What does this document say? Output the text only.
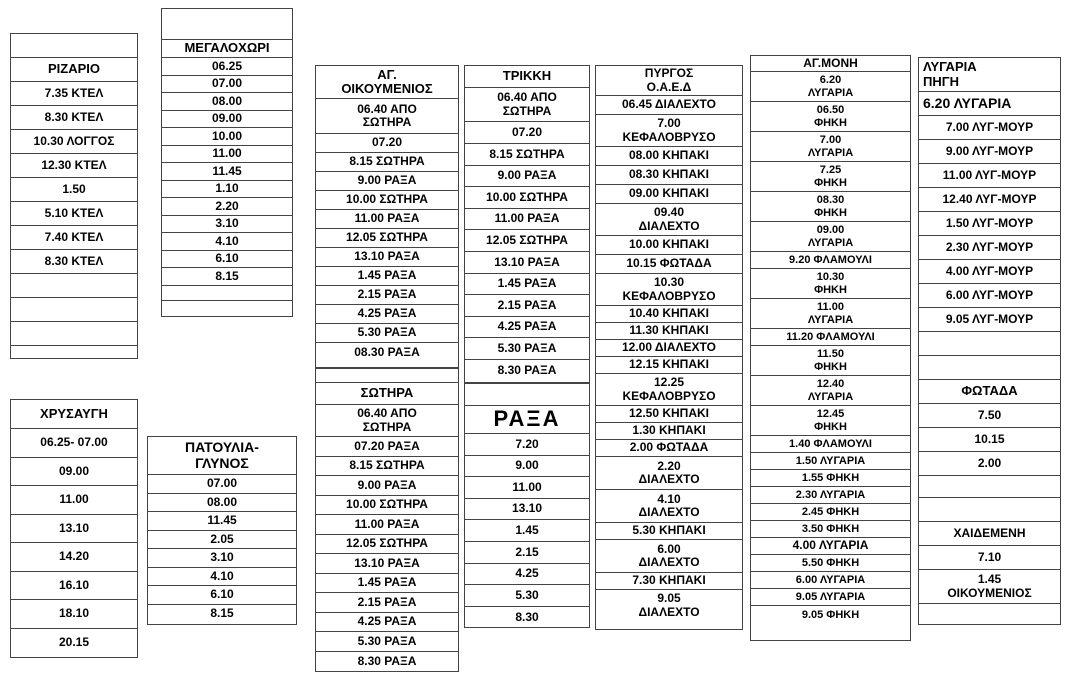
ΡΙΖΑΡΙΟ
7.35 ΚΤΕΛ
8.30 ΚΤΕΛ
10.30 ΛΟΓΓΟΣ
12.30 ΚΤΕΛ
1.50
5.10 ΚΤΕΛ
7.40 ΚΤΕΛ
8.30 ΚΤΕΛ
ΜΕΓΑΛΟΧΩΡΙ
06.25
07.00
08.00
09.00
10.00
11.00
11.45
1.10
2.20
3.10
4.10
6.10
8.15
ΑΓ.
ΟΙΚΟΥΜΕΝΙΟΣ
06.40 ΑΠΟ
ΣΩΤΗΡΑ
07.20
8.15 ΣΩΤΗΡΑ
9.00 ΡΑΞΑ
10.00 ΣΩΤΗΡΑ
11.00 ΡΑΞΑ
12.05 ΣΩΤΗΡΑ
13.10 ΡΑΞΑ
1.45 ΡΑΞΑ
2.15 ΡΑΞΑ
4.25 ΡΑΞΑ
5.30 ΡΑΞΑ
08.30 ΡΑΞΑ
ΣΩΤΗΡΑ
06.40 ΑΠΟ
ΣΩΤΗΡΑ
07.20 ΡΑΞΑ
8.15 ΣΩΤΗΡΑ
9.00 ΡΑΞΑ
10.00 ΣΩΤΗΡΑ
11.00 ΡΑΞΑ
12.05 ΣΩΤΗΡΑ
13.10 ΡΑΞΑ
1.45 ΡΑΞΑ
2.15 ΡΑΞΑ
4.25 ΡΑΞΑ
5.30 ΡΑΞΑ
8.30 ΡΑΞΑ
ΤΡΙΚΚΗ
06.40 ΑΠΟ
ΣΩΤΗΡΑ
07.20
8.15 ΣΩΤΗΡΑ
9.00 ΡΑΞΑ
10.00 ΣΩΤΗΡΑ
11.00 ΡΑΞΑ
12.05 ΣΩΤΗΡΑ
13.10 ΡΑΞΑ
1.45 ΡΑΞΑ
2.15 ΡΑΞΑ
4.25 ΡΑΞΑ
5.30 ΡΑΞΑ
8.30 ΡΑΞΑ
ΡΑΞΑ
7.20
9.00
11.00
13.10
1.45
2.15
4.25
5.30
8.30
ΠΥΡΓΟΣ
Ο.Α.Ε.Δ
06.45 ΔΙΑΛΕΧΤΟ
7.00
ΚΕΦΑΛΟΒΡΥΣΟ
08.00 ΚΗΠΑΚΙ
08.30 ΚΗΠΑΚΙ
09.00 ΚΗΠΑΚΙ
09.40
ΔΙΑΛΕΧΤΟ
10.00 ΚΗΠΑΚΙ
10.15 ΦΩΤΑΔΑ
10.30
ΚΕΦΑΛΟΒΡΥΣΟ
10.40 ΚΗΠΑΚΙ
11.30 ΚΗΠΑΚΙ
12.00 ΔΙΑΛΕΧΤΟ
12.15 ΚΗΠΑΚΙ
12.25
ΚΕΦΑΛΟΒΡΥΣΟ
12.50 ΚΗΠΑΚΙ
1.30 ΚΗΠΑΚΙ
2.00 ΦΩΤΑΔΑ
2.20
ΔΙΑΛΕΧΤΟ
4.10
ΔΙΑΛΕΧΤΟ
5.30 ΚΗΠΑΚΙ
6.00
ΔΙΑΛΕΧΤΟ
7.30 ΚΗΠΑΚΙ
9.05
ΔΙΑΛΕΧΤΟ
ΑΓ.ΜΟΝΗ
6.20
ΛΥΓΑΡΙΑ
06.50
ΦΗΚΗ
7.00
ΛΥΓΑΡΙΑ
7.25
ΦΗΚΗ
08.30
ΦΗΚΗ
09.00
ΛΥΓΑΡΙΑ
9.20 ΦΛΑΜΟΥΛΙ
10.30
ΦΗΚΗ
11.00
ΛΥΓΑΡΙΑ
11.20 ΦΛΑΜΟΥΛΙ
11.50
ΦΗΚΗ
12.40
ΛΥΓΑΡΙΑ
12.45
ΦΗΚΗ
1.40 ΦΛΑΜΟΥΛΙ
1.50 ΛΥΓΑΡΙΑ
1.55 ΦΗΚΗ
2.30 ΛΥΓΑΡΙΑ
2.45 ΦΗΚΗ
3.50 ΦΗΚΗ
4.00 ΛΥΓΑΡΙΑ
5.50 ΦΗΚΗ
6.00 ΛΥΓΑΡΙΑ
9.05 ΛΥΓΑΡΙΑ
9.05 ΦΗΚΗ
ΛΥΓΑΡΙΑ
ΠΗΓΗ
6.20 ΛΥΓΑΡΙΑ
7.00 ΛΥΓ-ΜΟΥΡ
9.00 ΛΥΓ-ΜΟΥΡ
11.00 ΛΥΓ-ΜΟΥΡ
12.40 ΛΥΓ-ΜΟΥΡ
1.50 ΛΥΓ-ΜΟΥΡ
2.30 ΛΥΓ-ΜΟΥΡ
4.00 ΛΥΓ-ΜΟΥΡ
6.00 ΛΥΓ-ΜΟΥΡ
9.05 ΛΥΓ-ΜΟΥΡ
ΦΩΤΑΔΑ
7.50
10.15
2.00
ΧΑΙΔΕΜΕΝΗ
7.10
1.45
ΟΙΚΟΥΜΕΝΙΟΣ
ΧΡΥΣΑΥΓΗ
06.25- 07.00
09.00
11.00
13.10
14.20
16.10
18.10
20.15
ΠΑΤΟΥΛΙΑ-
ΓΛΥΝΟΣ
07.00
08.00
11.45
2.05
3.10
4.10
6.10
8.15
